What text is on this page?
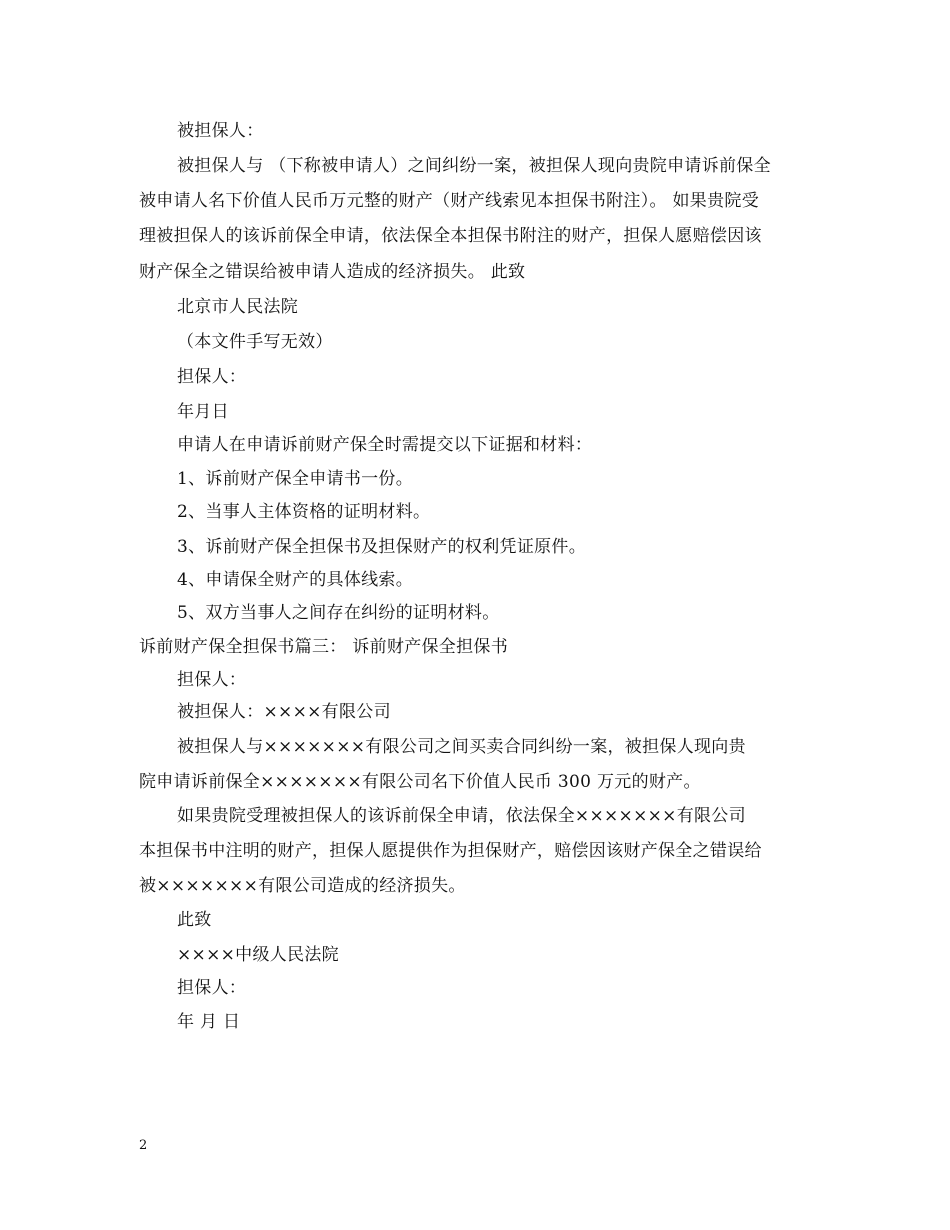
被担保人：
被担保人与 （下称被申请人）之间纠纷一案，被担保人现向贵院申请诉前保全
被申请人名下价值人民币万元整的财产（财产线索见本担保书附注）。 如果贵院受
理被担保人的该诉前保全申请，依法保全本担保书附注的财产，担保人愿赔偿因该
财产保全之错误给被申请人造成的经济损失。 此致
北京市人民法院
（本文件手写无效）
担保人：
年月日
申请人在申请诉前财产保全时需提交以下证据和材料：
1、诉前财产保全申请书一份。
2、当事人主体资格的证明材料。
3、诉前财产保全担保书及担保财产的权利凭证原件。
4、申请保全财产的具体线索。
5、双方当事人之间存在纠纷的证明材料。
诉前财产保全担保书篇三： 诉前财产保全担保书
担保人：
被担保人：××××有限公司
被担保人与×××××××有限公司之间买卖合同纠纷一案，被担保人现向贵
院申请诉前保全×××××××有限公司名下价值人民币 300 万元的财产。
如果贵院受理被担保人的该诉前保全申请，依法保全×××××××有限公司
本担保书中注明的财产，担保人愿提供作为担保财产，赔偿因该财产保全之错误给
被×××××××有限公司造成的经济损失。
此致
××××中级人民法院
担保人：
年 月 日
2
